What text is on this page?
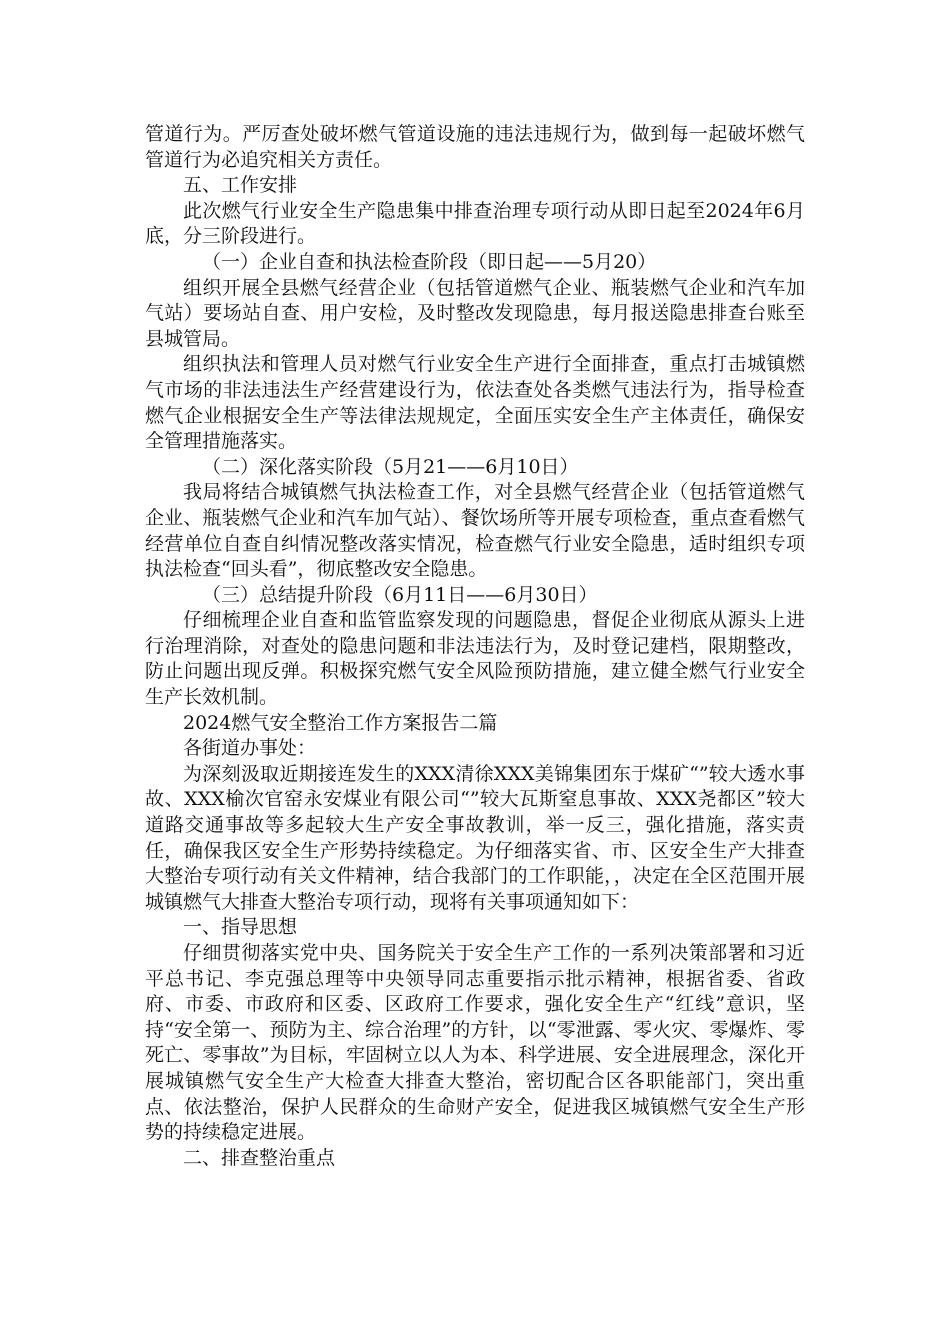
管道行为。严厉查处破坏燃气管道设施的违法违规行为，做到每一起破坏燃气管道行为必追究相关方责任。

五、工作安排

此次燃气行业安全生产隐患集中排查治理专项行动从即日起至2024年6月底，分三阶段进行。

（一）企业自查和执法检查阶段（即日起——5月20）

组织开展全县燃气经营企业（包括管道燃气企业、瓶装燃气企业和汽车加气站）要场站自查、用户安检，及时整改发现隐患，每月报送隐患排查台账至县城管局。

组织执法和管理人员对燃气行业安全生产进行全面排查，重点打击城镇燃气市场的非法违法生产经营建设行为，依法查处各类燃气违法行为，指导检查燃气企业根据安全生产等法律法规规定，全面压实安全生产主体责任，确保安全管理措施落实。

（二）深化落实阶段（5月21——6月10日）

我局将结合城镇燃气执法检查工作，对全县燃气经营企业（包括管道燃气企业、瓶装燃气企业和汽车加气站）、餐饮场所等开展专项检查，重点查看燃气经营单位自查自纠情况整改落实情况，检查燃气行业安全隐患，适时组织专项执法检查“回头看”，彻底整改安全隐患。

（三）总结提升阶段（6月11日——6月30日）

仔细梳理企业自查和监管监察发现的问题隐患，督促企业彻底从源头上进行治理消除，对查处的隐患问题和非法违法行为，及时登记建档，限期整改，防止问题出现反弹。积极探究燃气安全风险预防措施，建立健全燃气行业安全生产长效机制。

2024燃气安全整治工作方案报告二篇

各街道办事处：

为深刻汲取近期接连发生的XXX清徐XXX美锦集团东于煤矿“”较大透水事故、XXX榆次官窑永安煤业有限公司“”较大瓦斯窒息事故、XXX尧都区”较大道路交通事故等多起较大生产安全事故教训，举一反三，强化措施，落实责任，确保我区安全生产形势持续稳定。为仔细落实省、市、区安全生产大排查大整治专项行动有关文件精神，结合我部门的工作职能，，决定在全区范围开展城镇燃气大排查大整治专项行动，现将有关事项通知如下：

一、指导思想

仔细贯彻落实党中央、国务院关于安全生产工作的一系列决策部署和习近平总书记、李克强总理等中央领导同志重要指示批示精神，根据省委、省政府、市委、市政府和区委、区政府工作要求，强化安全生产“红线”意识，坚持“安全第一、预防为主、综合治理”的方针，以“零泄露、零火灾、零爆炸、零死亡、零事故”为目标，牢固树立以人为本、科学进展、安全进展理念，深化开展城镇燃气安全生产大检查大排查大整治，密切配合区各职能部门，突出重点、依法整治，保护人民群众的生命财产安全，促进我区城镇燃气安全生产形势的持续稳定进展。

二、排查整治重点
